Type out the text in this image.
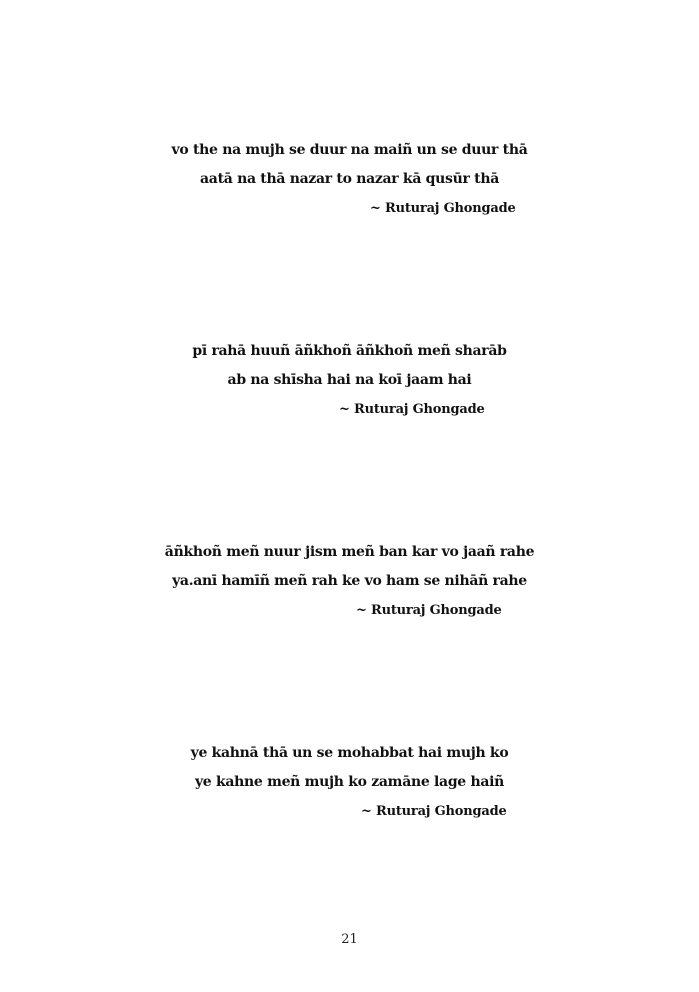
vo the na mujh se duur na maiñ un se duur thā
aatā na thā nazar to nazar kā qusūr thā
~ Ruturaj Ghongade
pī rahā huuñ āñkhoñ āñkhoñ meñ sharāb
ab na shīsha hai na koī jaam hai
~ Ruturaj Ghongade
āñkhoñ meñ nuur jism meñ ban kar vo jaañ rahe
ya.anī hamīñ meñ rah ke vo ham se nihāñ rahe
~ Ruturaj Ghongade
ye kahnā thā un se mohabbat hai mujh ko
ye kahne meñ mujh ko zamāne lage haiñ
~ Ruturaj Ghongade
21
